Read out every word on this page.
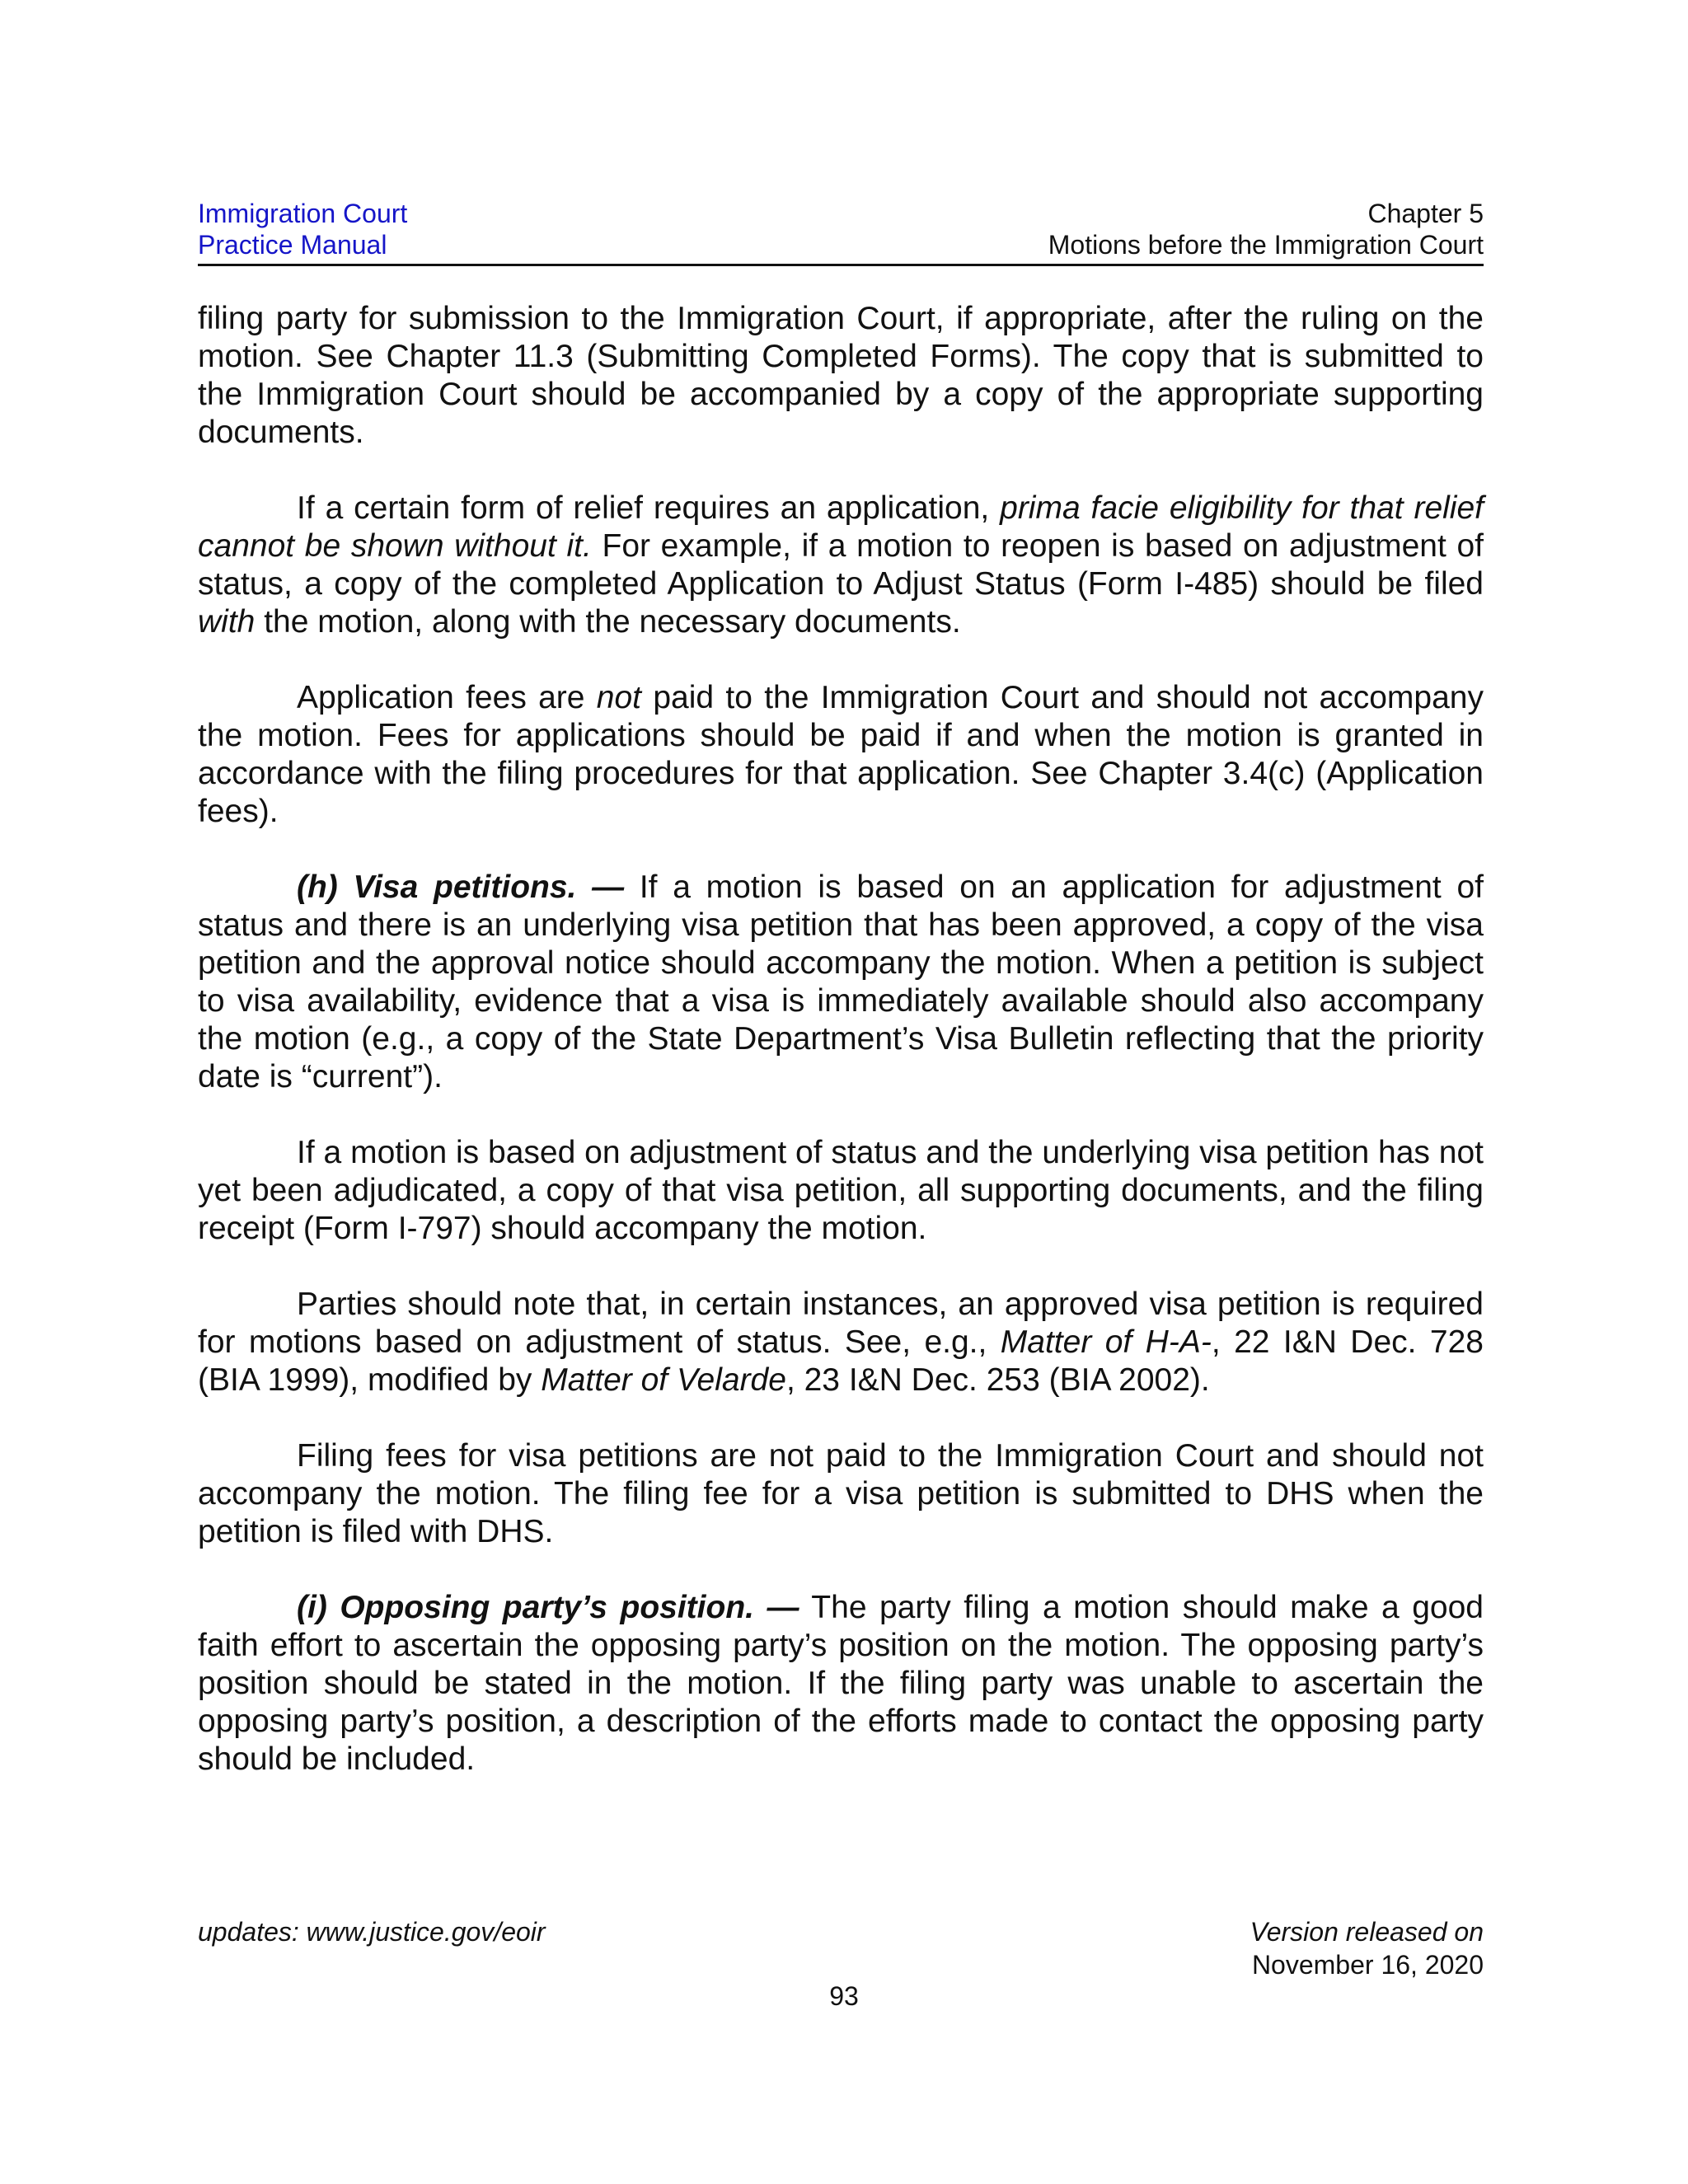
Immigration Court
Practice Manual
Chapter 5
Motions before the Immigration Court

filing party for submission to the Immigration Court, if appropriate, after the ruling on the motion. See Chapter 11.3 (Submitting Completed Forms). The copy that is submitted to the Immigration Court should be accompanied by a copy of the appropriate supporting documents.

If a certain form of relief requires an application, prima facie eligibility for that relief cannot be shown without it. For example, if a motion to reopen is based on adjustment of status, a copy of the completed Application to Adjust Status (Form I-485) should be filed with the motion, along with the necessary documents.

Application fees are not paid to the Immigration Court and should not accompany the motion. Fees for applications should be paid if and when the motion is granted in accordance with the filing procedures for that application. See Chapter 3.4(c) (Application fees).

(h) Visa petitions. — If a motion is based on an application for adjustment of status and there is an underlying visa petition that has been approved, a copy of the visa petition and the approval notice should accompany the motion. When a petition is subject to visa availability, evidence that a visa is immediately available should also accompany the motion (e.g., a copy of the State Department’s Visa Bulletin reflecting that the priority date is “current”).

If a motion is based on adjustment of status and the underlying visa petition has not yet been adjudicated, a copy of that visa petition, all supporting documents, and the filing receipt (Form I-797) should accompany the motion.

Parties should note that, in certain instances, an approved visa petition is required for motions based on adjustment of status. See, e.g., Matter of H-A-, 22 I&N Dec. 728 (BIA 1999), modified by Matter of Velarde, 23 I&N Dec. 253 (BIA 2002).

Filing fees for visa petitions are not paid to the Immigration Court and should not accompany the motion. The filing fee for a visa petition is submitted to DHS when the petition is filed with DHS.

(i) Opposing party’s position. — The party filing a motion should make a good faith effort to ascertain the opposing party’s position on the motion. The opposing party’s position should be stated in the motion. If the filing party was unable to ascertain the opposing party’s position, a description of the efforts made to contact the opposing party should be included.

updates: www.justice.gov/eoir	Version released on
November 16, 2020
93
